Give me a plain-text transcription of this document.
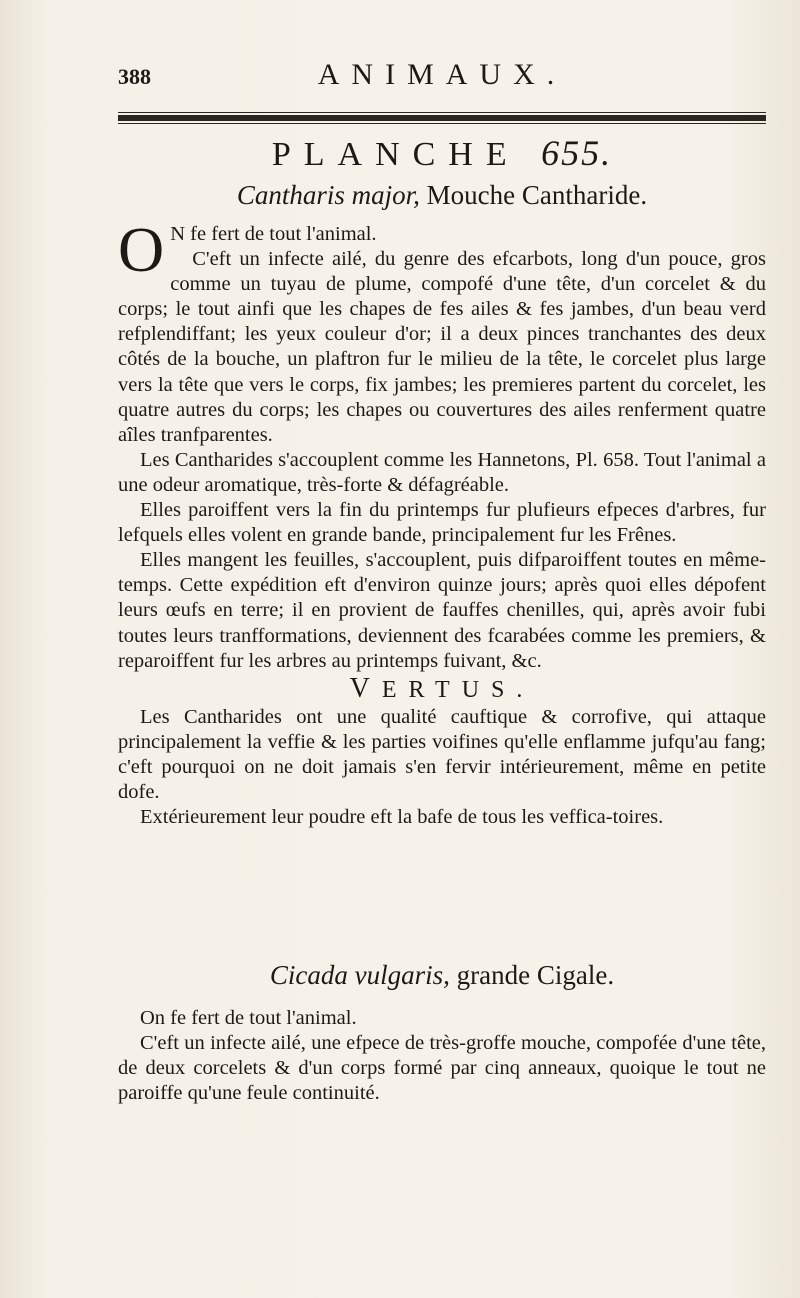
388	ANIMAUX.
PLANCHE 655.
Cantharis major, Mouche Cantharide.

O N fe fert de tout l'animal.

C'eft un infecte ailé, du genre des efcarbots, long d'un pouce, gros comme un tuyau de plume, compofé d'une tête, d'un corcelet & du corps; le tout ainfi que les chapes de fes ailes & fes jambes, d'un beau verd refplendiffant; les yeux couleur d'or; il a deux pinces tranchantes des deux côtés de la bouche, un plaftron fur le milieu de la tête, le corcelet plus large vers la tête que vers le corps, fix jambes; les premieres partent du corcelet, les quatre autres du corps; les chapes ou couvertures des ailes renferment quatre aîles tranfparentes.

Les Cantharides s'accouplent comme les Hannetons, Pl. 658. Tout l'animal a une odeur aromatique, très-forte & défagréable.

Elles paroiffent vers la fin du printemps fur plufieurs efpeces d'arbres, fur lefquels elles volent en grande bande, principalement fur les Frênes.

Elles mangent les feuilles, s'accouplent, puis difparoiffent toutes en même-temps. Cette expédition eft d'environ quinze jours; après quoi elles dépofent leurs œufs en terre; il en provient de fauffes chenilles, qui, après avoir fubi toutes leurs tranfformations, deviennent des fcarabées comme les premiers, & reparoiffent fur les arbres au printemps fuivant, &c.

VERTUS.

Les Cantharides ont une qualité cauftique & corrofive, qui attaque principalement la veffie & les parties voifines qu'elle enflamme jufqu'au fang; c'eft pourquoi on ne doit jamais s'en fervir intérieurement, même en petite dofe.

Extérieurement leur poudre eft la bafe de tous les veffica-toires.

Cicada vulgaris, grande Cigale.

On fe fert de tout l'animal.

C'eft un infecte ailé, une efpece de très-groffe mouche, compofée d'une tête, de deux corcelets & d'un corps formé par cinq anneaux, quoique le tout ne paroiffe qu'une feule continuité.
